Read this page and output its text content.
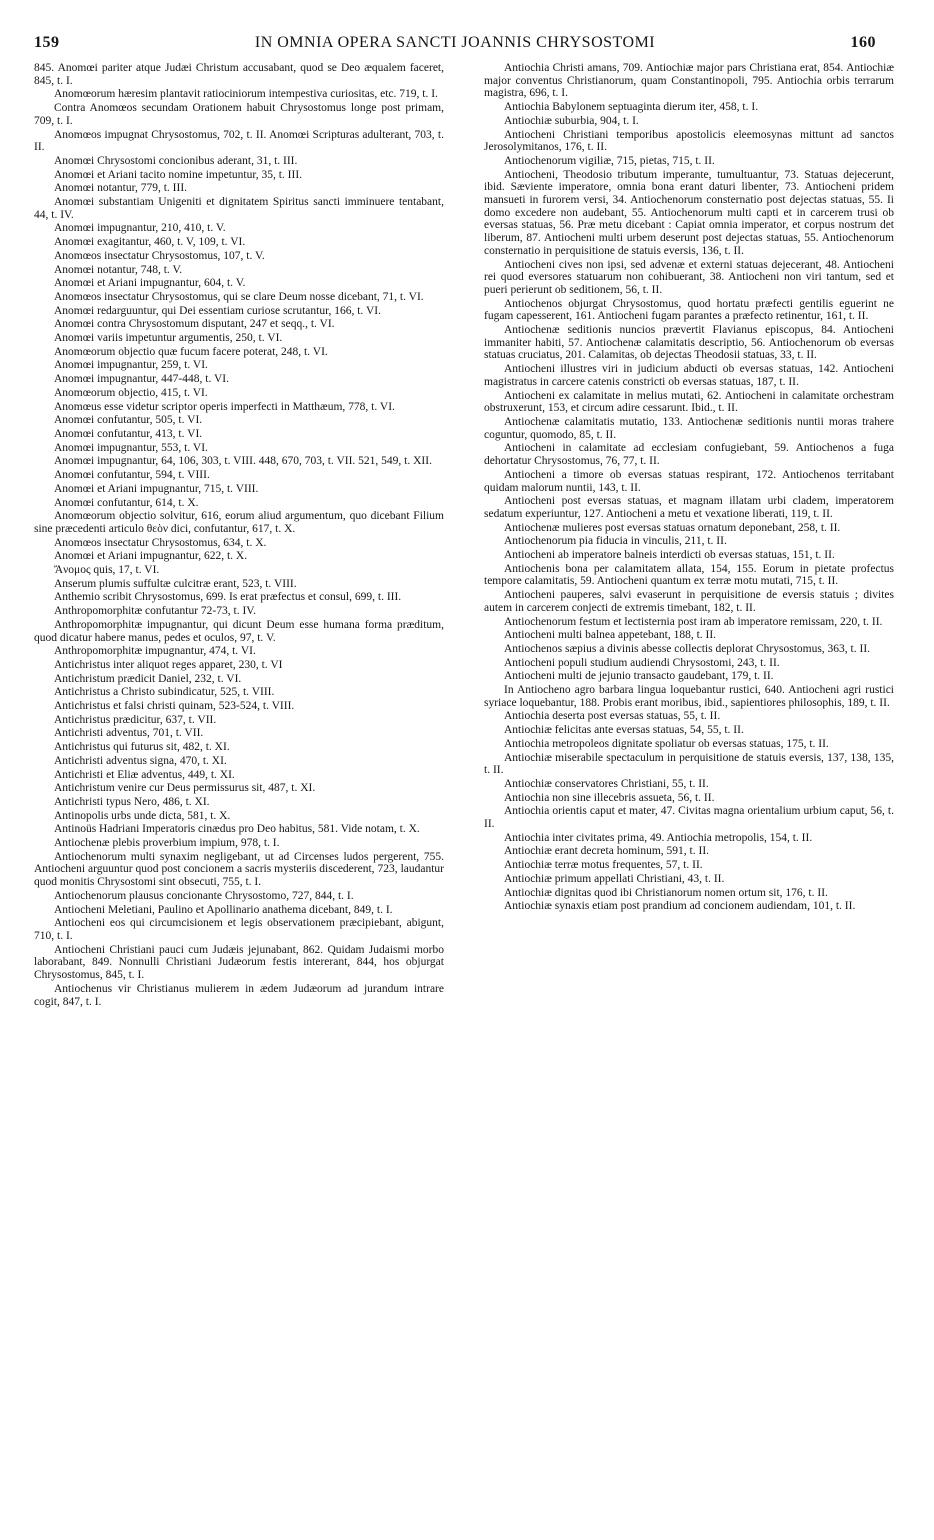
159	IN OMNIA OPERA SANCTI JOANNIS CHRYSOSTOMI	160

845. Anomœi pariter atque Judæi Christum accusabant, quod se Deo æqualem faceret, 845, t. I.

Anomœorum hæresim plantavit ratiociniorum intempestiva curiositas, etc. 719, t. I.

Contra Anomœos secundam Orationem habuit Chrysostomus longe post primam, 709, t. I.

Anomœos impugnat Chrysostomus, 702, t. II. Anomœi Scripturas adulterant, 703, t. II.

Anomœi Chrysostomi concionibus aderant, 31, t. III.

Anomœi et Ariani tacito nomine impetuntur, 35, t. III.

Anomœi notantur, 779, t. III.

Anomœi substantiam Unigeniti et dignitatem Spiritus sancti imminuere tentabant, 44, t. IV.

Anomœi impugnantur, 210, 410, t. V.

Anomœi exagitantur, 460, t. V, 109, t. VI.

Anomœos insectatur Chrysostomus, 107, t. V.

Anomœi notantur, 748, t. V.

Anomœi et Ariani impugnantur, 604, t. V.

Anomœos insectatur Chrysostomus, qui se clare Deum nosse dicebant, 71, t. VI.

Anomœi redarguuntur, qui Dei essentiam curiose scrutantur, 166, t. VI.

Anomœi contra Chrysostomum disputant, 247 et seqq., t. VI.

Anomœi variis impetuntur argumentis, 250, t. VI.

Anomœorum objectio quæ fucum facere poterat, 248, t. VI.

Anomœi impugnantur, 259, t. VI.

Anomœi impugnantur, 447-448, t. VI.

Anomœorum objectio, 415, t. VI.

Anomœus esse videtur scriptor operis imperfecti in Matthæum, 778, t. VI.

Anomœi confutantur, 505, t. VI.

Anomœi confutantur, 413, t. VI.

Anomœi impugnantur, 553, t. VI.

Anomœi impugnantur, 64, 106, 303, t. VIII. 448, 670, 703, t. VII. 521, 549, t. XII.

Anomœi confutantur, 594, t. VIII.

Anomœi et Ariani impugnantur, 715, t. VIII.

Anomœi confutantur, 614, t. X.

Anomœorum objectio solvitur, 616, eorum aliud argumentum, quo dicebant Filium sine præcedenti articulo θεὸν dici, confutantur, 617, t. X.

Anomœos insectatur Chrysostomus, 634, t. X.

Anomœi et Ariani impugnantur, 622, t. X.

Ἄνομος quis, 17, t. VI.

Anserum plumis suffultæ culcitræ erant, 523, t. VIII.

Anthemio scribit Chrysostomus, 699. Is erat præfectus et consul, 699, t. III.

Anthropomorphitæ confutantur 72-73, t. IV.

Anthropomorphitæ impugnantur, qui dicunt Deum esse humana forma præditum, quod dicatur habere manus, pedes et oculos, 97, t. V.

Anthropomorphitæ impugnantur, 474, t. VI.

Antichristus inter aliquot reges apparet, 230, t. VI

Antichristum prædicit Daniel, 232, t. VI.

Antichristus a Christo subindicatur, 525, t. VIII.

Antichristus et falsi christi quinam, 523-524, t. VIII.

Antichristus prædicitur, 637, t. VII.

Antichristi adventus, 701, t. VII.

Antichristus qui futurus sit, 482, t. XI.

Antichristi adventus signa, 470, t. XI.

Antichristi et Eliæ adventus, 449, t. XI.

Antichristum venire cur Deus permissurus sit, 487, t. XI.

Antichristi typus Nero, 486, t. XI.

Antinopolis urbs unde dicta, 581, t. X.

Antinoüs Hadriani Imperatoris cinædus pro Deo habitus, 581. Vide notam, t. X.

Antiochenæ plebis proverbium impium, 978, t. I.

Antiochenorum multi synaxim negligebant, ut ad Circenses ludos pergerent, 755. Antiocheni arguuntur quod post concionem a sacris mysteriis discederent, 723, laudantur quod monitis Chrysostomi sint obsecuti, 755, t. I.

Antiochenorum plausus concionante Chrysostomo, 727, 844, t. I.

Antiocheni Meletiani, Paulino et Apollinario anathema dicebant, 849, t. I.

Antiocheni eos qui circumcisionem et legis observationem præcipiebant, abigunt, 710, t. I.

Antiocheni Christiani pauci cum Judæis jejunabant, 862. Quidam Judaismi morbo laborabant, 849. Nonnulli Christiani Judæorum festis intererant, 844, hos objurgat Chrysostomus, 845, t. I.

Antiochenus vir Christianus mulierem in ædem Judæorum ad jurandum intrare cogit, 847, t. I.

Antiochia Christi amans, 709. Antiochiæ major pars Christiana erat, 854. Antiochiæ major conventus Christianorum, quam Constantinopoli, 795. Antiochia orbis terrarum magistra, 696, t. I.

Antiochia Babylonem septuaginta dierum iter, 458, t. I.

Antiochiæ suburbia, 904, t. I.

Antiocheni Christiani temporibus apostolicis eleemosynas mittunt ad sanctos Jerosolymitanos, 176, t. II.

Antiochenorum vigiliæ, 715, pietas, 715, t. II.

Antiocheni, Theodosio tributum imperante, tumultuantur, 73. Statuas dejecerunt, ibid. Sæviente imperatore, omnia bona erant daturi libenter, 73. Antiocheni pridem mansueti in furorem versi, 34. Antiochenorum consternatio post dejectas statuas, 55. Ii domo excedere non audebant, 55. Antiochenorum multi capti et in carcerem trusi ob eversas statuas, 56. Præ metu dicebant : Capiat omnia imperator, et corpus nostrum det liberum, 87. Antiocheni multi urbem deserunt post dejectas statuas, 55. Antiochenorum consternatio in perquisitione de statuis eversis, 136, t. II.

Antiocheni cives non ipsi, sed advenæ et externi statuas dejecerant, 48. Antiocheni rei quod eversores statuarum non cohibuerant, 38. Antiocheni non viri tantum, sed et pueri perierunt ob seditionem, 56, t. II.

Antiochenos objurgat Chrysostomus, quod hortatu præfecti gentilis eguerint ne fugam capesserent, 161. Antiocheni fugam parantes a præfecto retinentur, 161, t. II.

Antiochenæ seditionis nuncios prævertit Flavianus episcopus, 84. Antiocheni immaniter habiti, 57. Antiochenæ calamitatis descriptio, 56. Antiochenorum ob eversas statuas cruciatus, 201. Calamitas, ob dejectas Theodosii statuas, 33, t. II.

Antiocheni illustres viri in judicium abducti ob eversas statuas, 142. Antiocheni magistratus in carcere catenis constricti ob eversas statuas, 187, t. II.

Antiocheni ex calamitate in melius mutati, 62. Antiocheni in calamitate orchestram obstruxerunt, 153, et circum adire cessarunt. Ibid., t. II.

Antiochenæ calamitatis mutatio, 133. Antiochenæ seditionis nuntii moras trahere coguntur, quomodo, 85, t. II.

Antiocheni in calamitate ad ecclesiam confugiebant, 59. Antiochenos a fuga dehortatur Chrysostomus, 76, 77, t. II.

Antiocheni a timore ob eversas statuas respirant, 172. Antiochenos territabant quidam malorum nuntii, 143, t. II.

Antiocheni post eversas statuas, et magnam illatam urbi cladem, imperatorem sedatum experiuntur, 127. Antiocheni a metu et vexatione liberati, 119, t. II.

Antiochenæ mulieres post eversas statuas ornatum deponebant, 258, t. II.

Antiochenorum pia fiducia in vinculis, 211, t. II.

Antiocheni ab imperatore balneis interdicti ob eversas statuas, 151, t. II.

Antiochenis bona per calamitatem allata, 154, 155. Eorum in pietate profectus tempore calamitatis, 59. Antiocheni quantum ex terræ motu mutati, 715, t. II.

Antiocheni pauperes, salvi evaserunt in perquisitione de eversis statuis ; divites autem in carcerem conjecti de extremis timebant, 182, t. II.

Antiochenorum festum et lectisternia post iram ab imperatore remissam, 220, t. II.

Antiocheni multi balnea appetebant, 188, t. II.

Antiochenos sæpius a divinis abesse collectis deplorat Chrysostomus, 363, t. II.

Antiocheni populi studium audiendi Chrysostomi, 243, t. II.

Antiocheni multi de jejunio transacto gaudebant, 179, t. II.

In Antiocheno agro barbara lingua loquebantur rustici, 640. Antiocheni agri rustici syriace loquebantur, 188. Probis erant moribus, ibid., sapientiores philosophis, 189, t. II.

Antiochia deserta post eversas statuas, 55, t. II.

Antiochiæ felicitas ante eversas statuas, 54, 55, t. II.

Antiochia metropoleos dignitate spoliatur ob eversas statuas, 175, t. II.

Antiochiæ miserabile spectaculum in perquisitione de statuis eversis, 137, 138, 135, t. II.

Antiochiæ conservatores Christiani, 55, t. II.

Antiochia non sine illecebris assueta, 56, t. II.

Antiochia orientis caput et mater, 47. Civitas magna orientalium urbium caput, 56, t. II.

Antiochia inter civitates prima, 49. Antiochia metropolis, 154, t. II.

Antiochiæ erant decreta hominum, 591, t. II.

Antiochiæ terræ motus frequentes, 57, t. II.

Antiochiæ primum appellati Christiani, 43, t. II.

Antiochiæ dignitas quod ibi Christianorum nomen ortum sit, 176, t. II.

Antiochiæ synaxis etiam post prandium ad concionem audiendam, 101, t. II.
